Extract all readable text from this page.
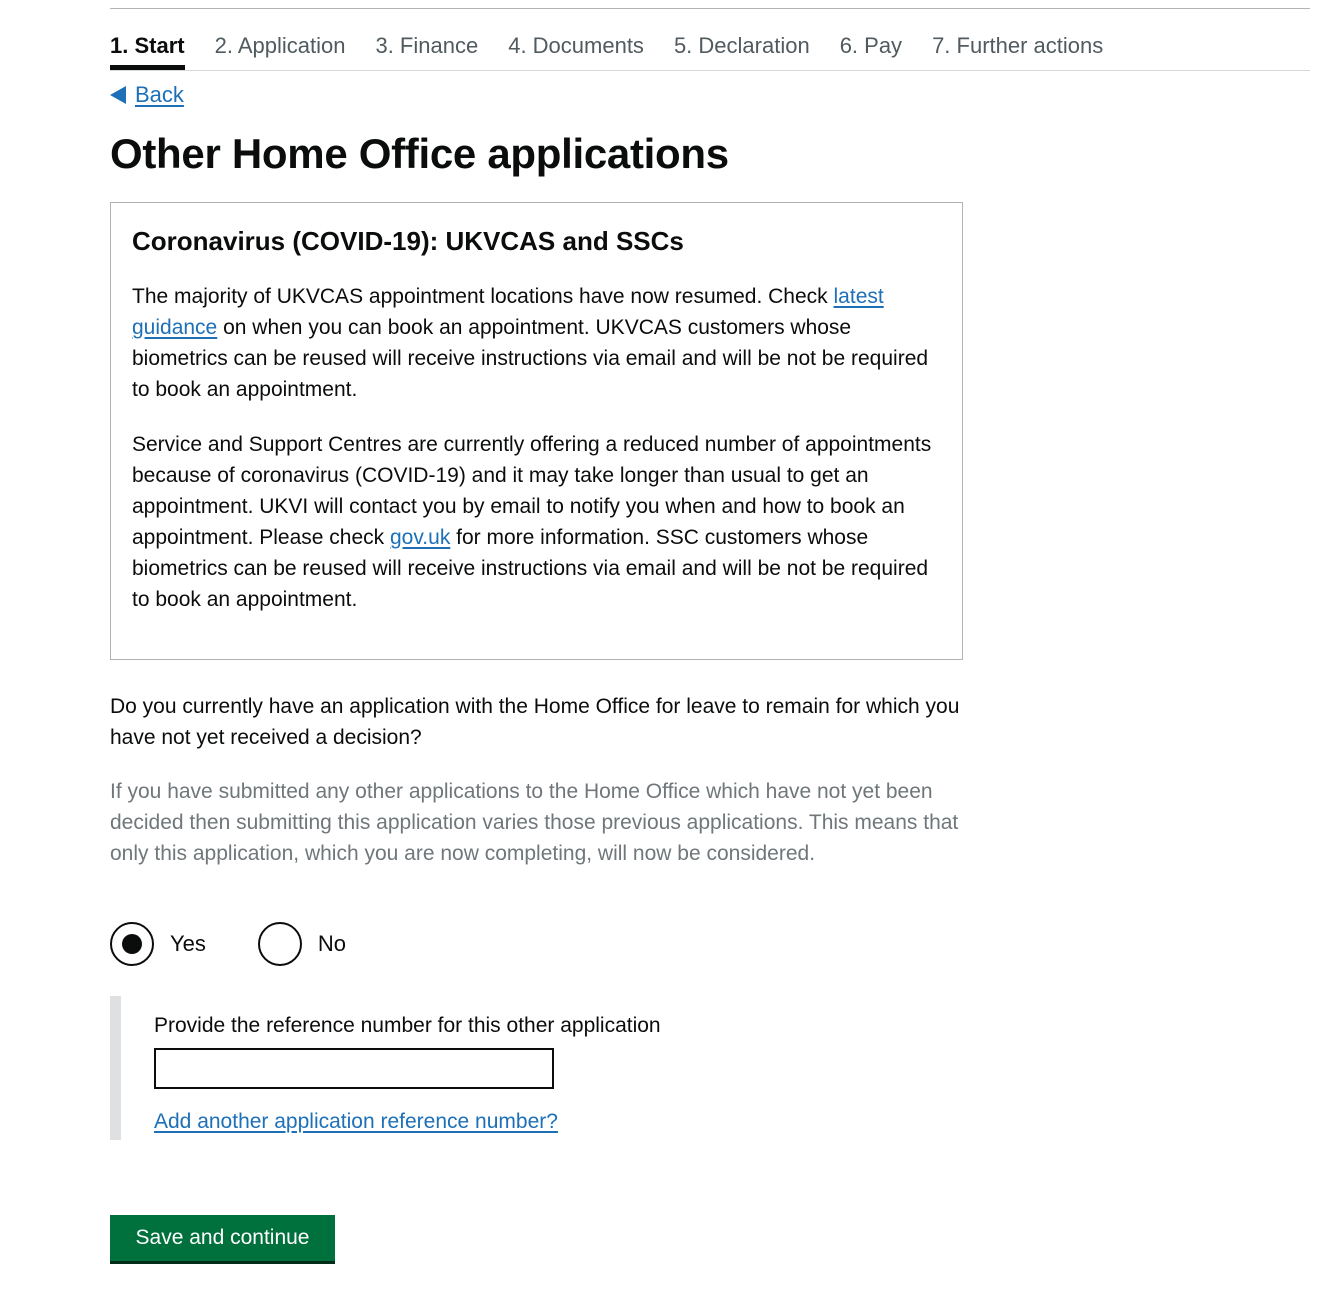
1. Start 2. Application 3. Finance 4. Documents 5. Declaration 6. Pay 7. Further actions
Back
Other Home Office applications
Coronavirus (COVID-19): UKVCAS and SSCs

The majority of UKVCAS appointment locations have now resumed. Check latest guidance on when you can book an appointment. UKVCAS customers whose biometrics can be reused will receive instructions via email and will be not be required to book an appointment.

Service and Support Centres are currently offering a reduced number of appointments because of coronavirus (COVID-19) and it may take longer than usual to get an appointment. UKVI will contact you by email to notify you when and how to book an appointment. Please check gov.uk for more information. SSC customers whose biometrics can be reused will receive instructions via email and will be not be required to book an appointment.

Do you currently have an application with the Home Office for leave to remain for which you have not yet received a decision?

If you have submitted any other applications to the Home Office which have not yet been decided then submitting this application varies those previous applications. This means that only this application, which you are now completing, will now be considered.

Yes	No

Provide the reference number for this other application

Add another application reference number?
Save and continue
